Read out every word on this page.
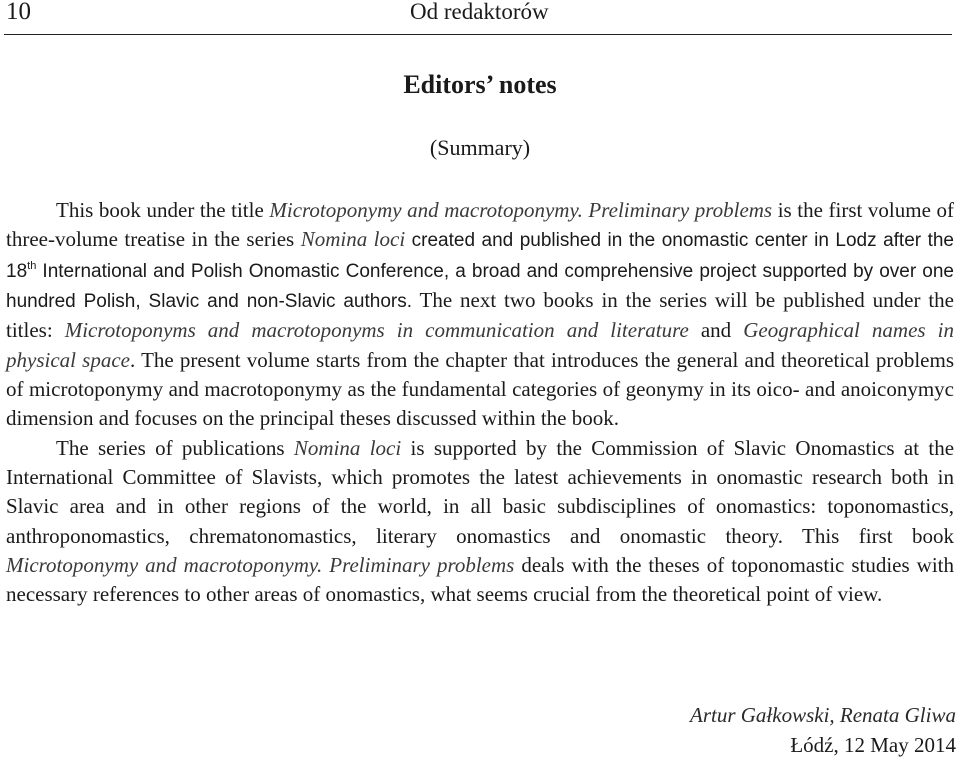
10	Od redaktorów
Editors’ notes
(Summary)

This book under the title Microtoponymy and macrotoponymy. Preliminary problems is the first volume of three-volume treatise in the series Nomina loci created and published in the onomastic center in Lodz after the 18th International and Polish Onomastic Conference, a broad and comprehensive project supported by over one hundred Polish, Slavic and non-Slavic authors. The next two books in the series will be published under the titles: Microtoponyms and macrotoponyms in communication and literature and Geographical names in physical space. The present volume starts from the chapter that introduces the general and theoretical problems of microtoponymy and macrotoponymy as the fundamental categories of geonymy in its oico- and anoiconymyc dimension and focuses on the principal theses discussed within the book.

The series of publications Nomina loci is supported by the Commission of Slavic Onomastics at the International Committee of Slavists, which promotes the latest achievements in onomastic research both in Slavic area and in other regions of the world, in all basic subdisciplines of onomastics: toponomastics, anthroponomastics, chrematonomastics, literary onomastics and onomastic theory. This first book Microtoponymy and macrotoponymy. Preliminary problems deals with the theses of toponomastic studies with necessary references to other areas of onomastics, what seems crucial from the theoretical point of view.

Artur Gałkowski, Renata Gliwa
Łódź, 12 May 2014
